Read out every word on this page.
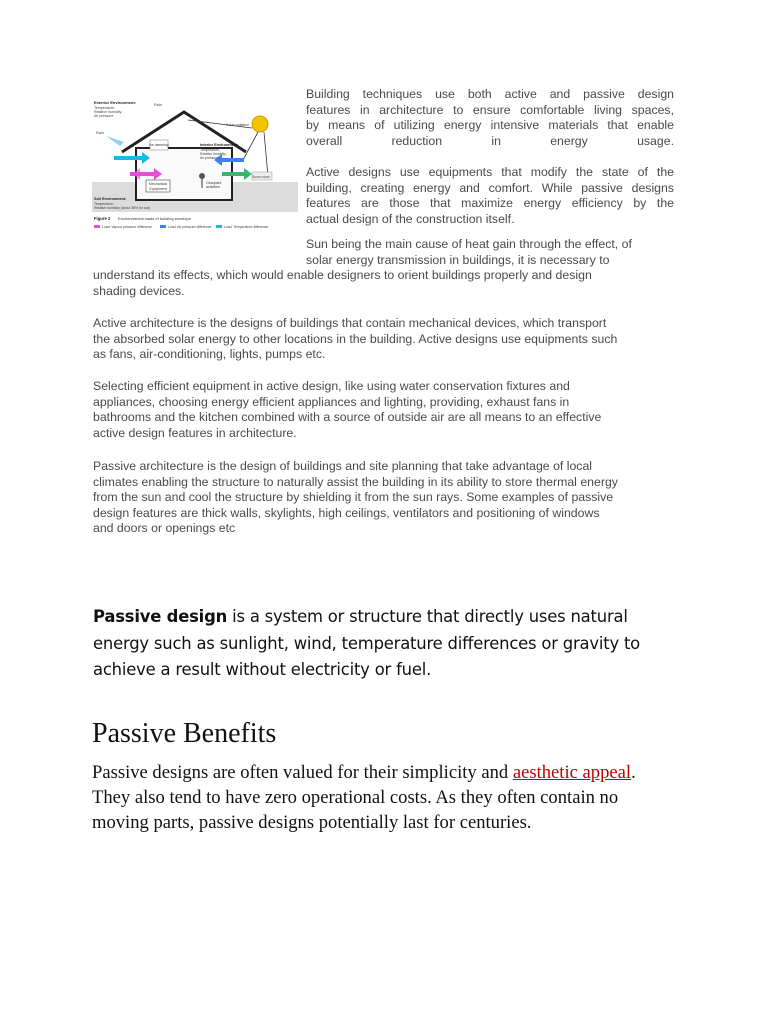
Mechanical
Equipment
Occupant
activities
Ice damming
Exterior Environment:
Temperature,
Relative humidity,
Air pressure
Rain
Rain
Solar radiation
Interior Environment:
Temperature,
Relative humidity,
Air pressure
Snow cover
Soil Environment:
Temperature,
Relative humidity (about 98% for soil)
Figure 2 Environmental loads of building envelope
Load: Vapour pressure difference	Load: Air pressure difference	Load: Temperature difference

Building techniques use both active and passive design

features in architecture to ensure comfortable living spaces,

by means of utilizing energy intensive materials that enable

overall reduction in energy usage.

Active designs use equipments that modify the state of the

building, creating energy and comfort. While passive designs

features are those that maximize energy efficiency by the

actual design of the construction itself.

Sun being the main cause of heat gain through the effect, of

solar energy transmission in buildings, it is necessary to

understand its effects, which would enable designers to orient buildings properly and design

shading devices.

Active architecture is the designs of buildings that contain mechanical devices, which transport

the absorbed solar energy to other locations in the building. Active designs use equipments such

as fans, air-conditioning, lights, pumps etc.

Selecting efficient equipment in active design, like using water conservation fixtures and

appliances, choosing energy efficient appliances and lighting, providing, exhaust fans in

bathrooms and the kitchen combined with a source of outside air are all means to an effective

active design features in architecture.

Passive architecture is the design of buildings and site planning that take advantage of local

climates enabling the structure to naturally assist the building in its ability to store thermal energy

from the sun and cool the structure by shielding it from the sun rays. Some examples of passive

design features are thick walls, skylights, high ceilings, ventilators and positioning of windows

and doors or openings etc

Passive design is a system or structure that directly uses natural energy such as sunlight, wind, temperature differences or gravity to achieve a result without electricity or fuel.
Passive Benefits

Passive designs are often valued for their simplicity and aesthetic appeal. They also tend to have zero operational costs. As they often contain no moving parts, passive designs potentially last for centuries.
